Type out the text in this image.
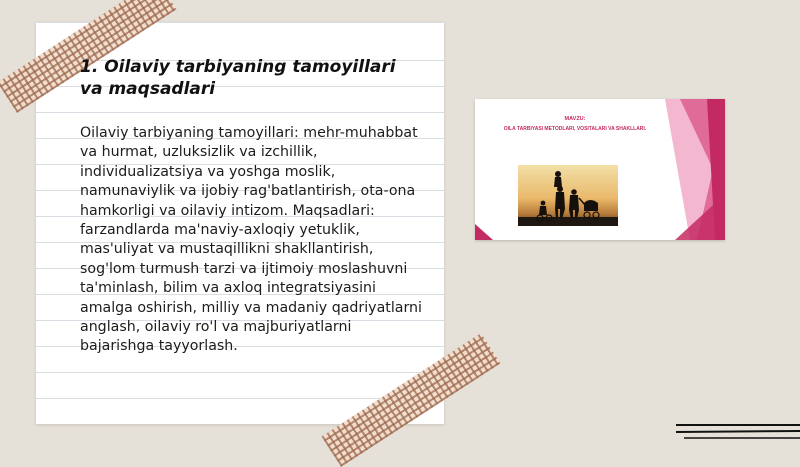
1. Oilaviy tarbiyaning tamoyillari va maqsadlari

Oilaviy tarbiyaning tamoyillari: mehr-muhabbat va hurmat, uzluksizlik va izchillik, individualizatsiya va yoshga moslik, namunaviylik va ijobiy rag'batlantirish, ota-ona hamkorligi va oilaviy intizom. Maqsadlari: farzandlarda ma'naviy-axloqiy yetuklik, mas'uliyat va mustaqillikni shakllantirish, sog'lom turmush tarzi va ijtimoiy moslashuvni ta'minlash, bilim va axloq integratsiyasini amalga oshirish, milliy va madaniy qadriyatlarni anglash, oilaviy ro'l va majburiyatlarni bajarishga tayyorlash.

MAVZU:
OILA TARBIYASI METODLARI, VOSITALARI VA SHAKLLARI.
